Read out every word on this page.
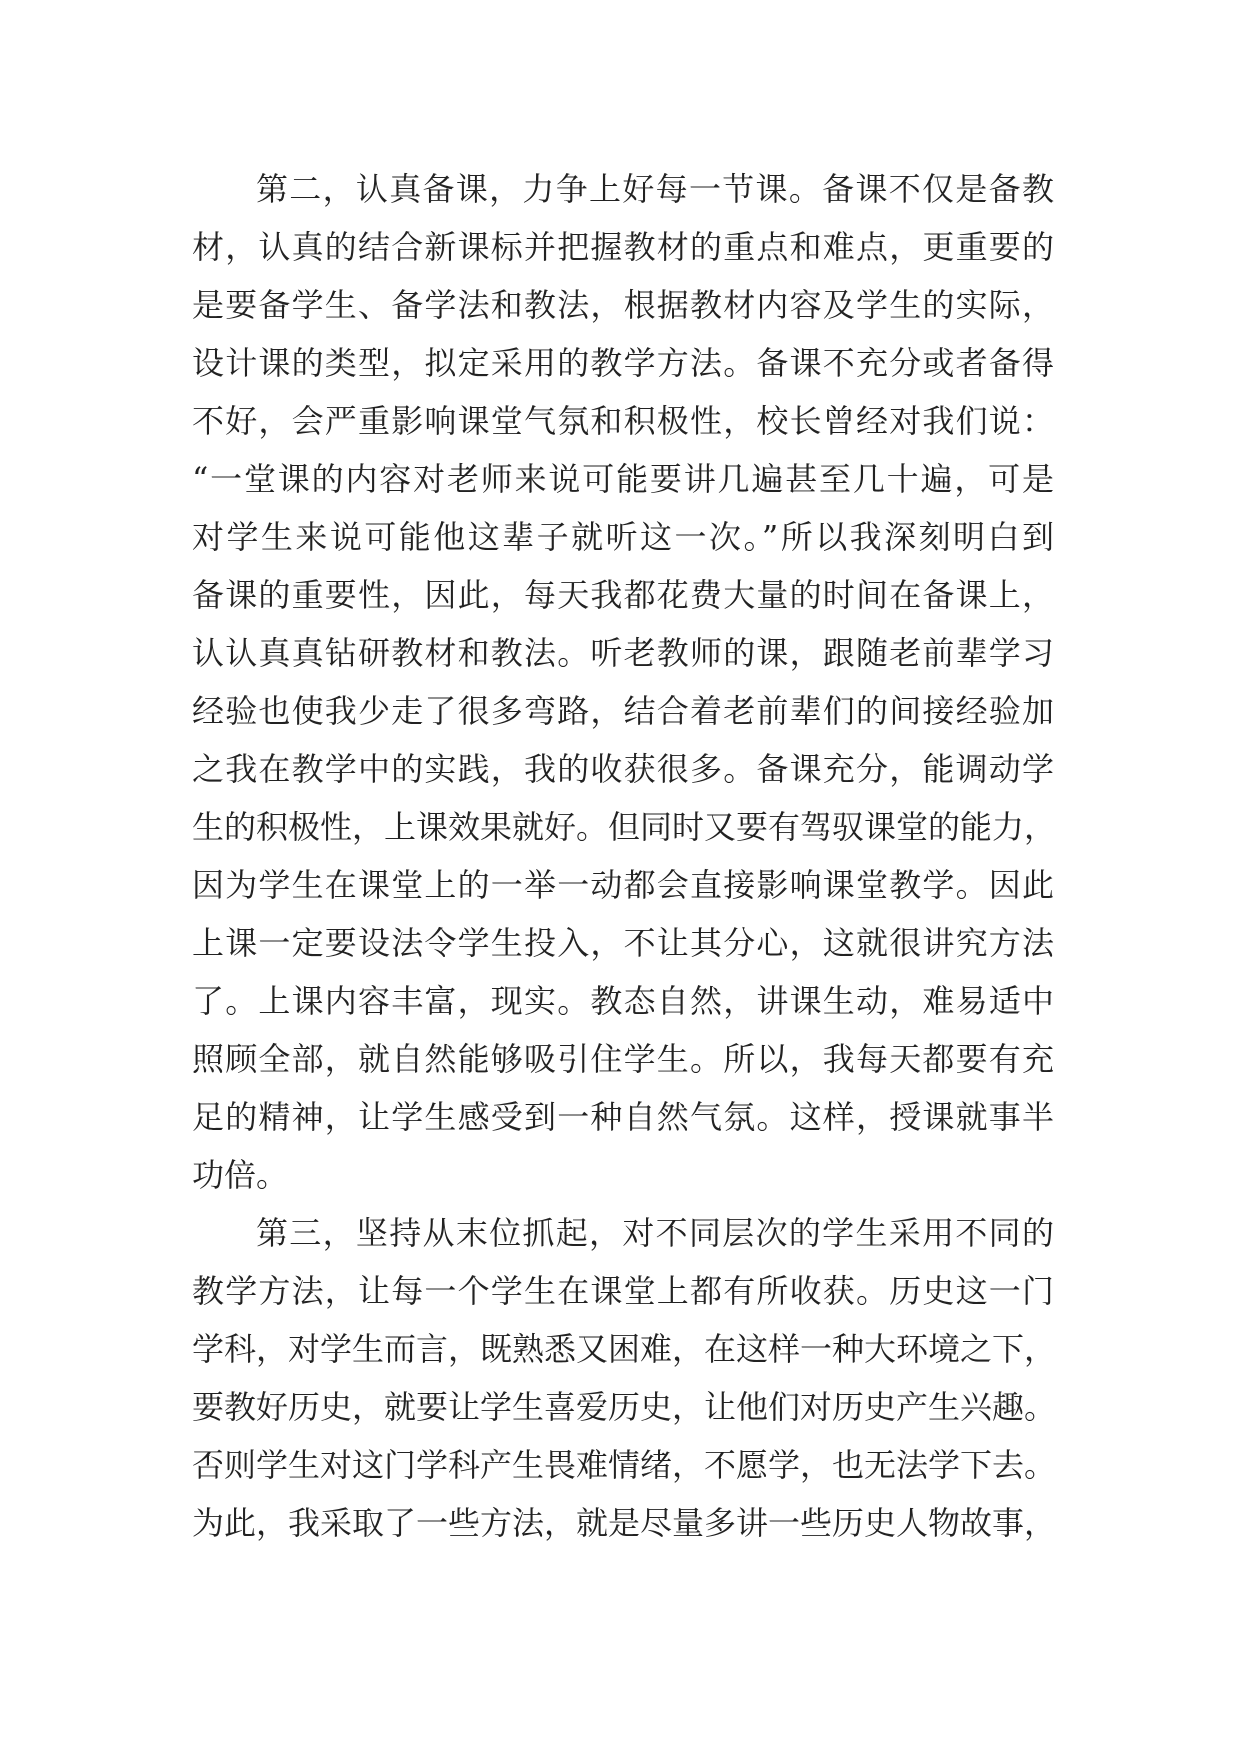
第二，认真备课，力争上好每一节课。备课不仅是备教
材，认真的结合新课标并把握教材的重点和难点，更重要的
是要备学生、备学法和教法，根据教材内容及学生的实际，
设计课的类型，拟定采用的教学方法。备课不充分或者备得
不好，会严重影响课堂气氛和积极性，校长曾经对我们说：
“一堂课的内容对老师来说可能要讲几遍甚至几十遍，可是
对学生来说可能他这辈子就听这一次。”所以我深刻明白到
备课的重要性，因此，每天我都花费大量的时间在备课上，
认认真真钻研教材和教法。听老教师的课，跟随老前辈学习
经验也使我少走了很多弯路，结合着老前辈们的间接经验加
之我在教学中的实践，我的收获很多。备课充分，能调动学
生的积极性，上课效果就好。但同时又要有驾驭课堂的能力，
因为学生在课堂上的一举一动都会直接影响课堂教学。因此
上课一定要设法令学生投入，不让其分心，这就很讲究方法
了。上课内容丰富，现实。教态自然，讲课生动，难易适中
照顾全部，就自然能够吸引住学生。所以，我每天都要有充
足的精神，让学生感受到一种自然气氛。这样，授课就事半
功倍。
第三，坚持从末位抓起，对不同层次的学生采用不同的
教学方法，让每一个学生在课堂上都有所收获。历史这一门
学科，对学生而言，既熟悉又困难，在这样一种大环境之下，
要教好历史，就要让学生喜爱历史，让他们对历史产生兴趣。
否则学生对这门学科产生畏难情绪，不愿学，也无法学下去。
为此，我采取了一些方法，就是尽量多讲一些历史人物故事，
